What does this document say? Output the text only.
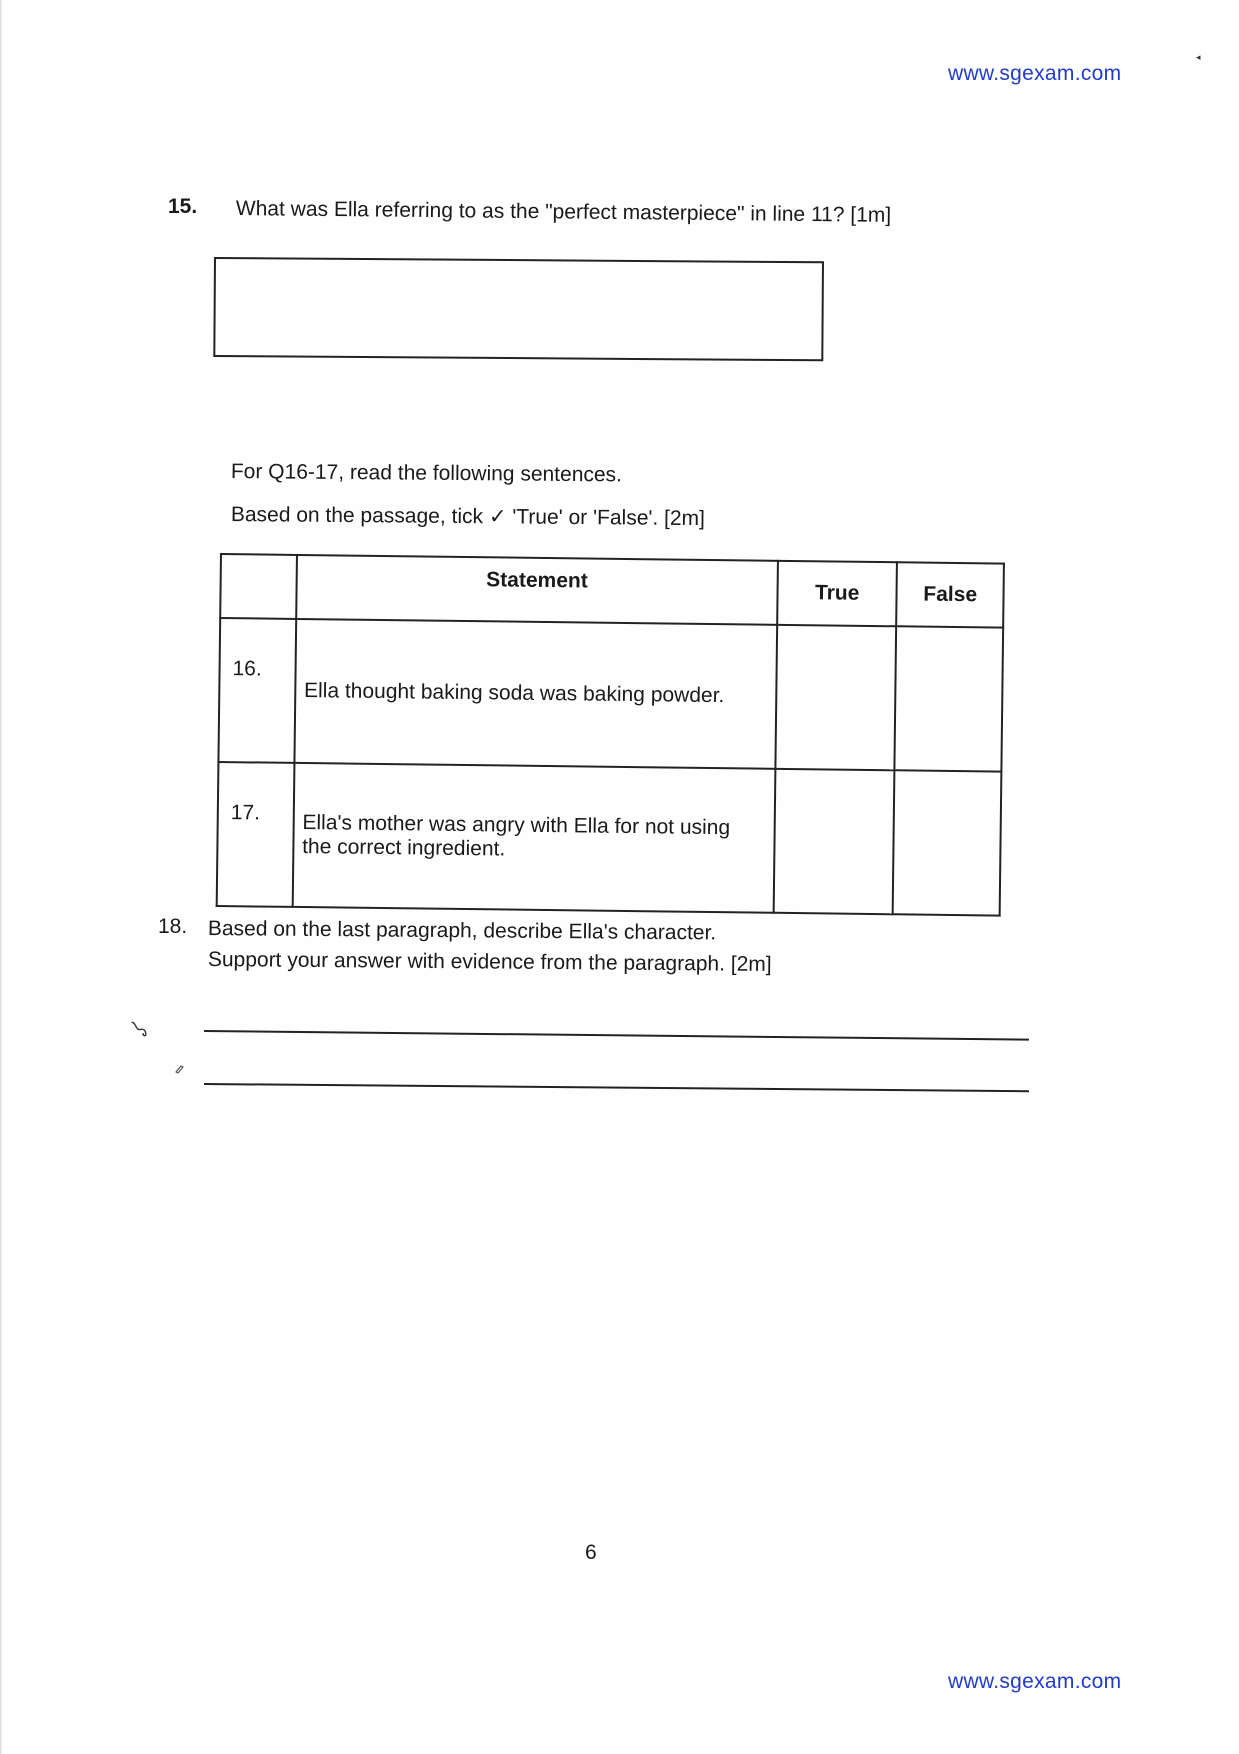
www.sgexam.com
◂
15. What was Ella referring to as the "perfect masterpiece" in line 11? [1m]
For Q16-17, read the following sentences.
Based on the passage, tick ✓ 'True' or 'False'. [2m]
	Statement	True	False
16.	Ella thought baking soda was baking powder.		
17.	Ella's mother was angry with Ella for not using the correct ingredient.		
18. Based on the last paragraph, describe Ella's character.
Support your answer with evidence from the paragraph. [2m]
6
www.sgexam.com
